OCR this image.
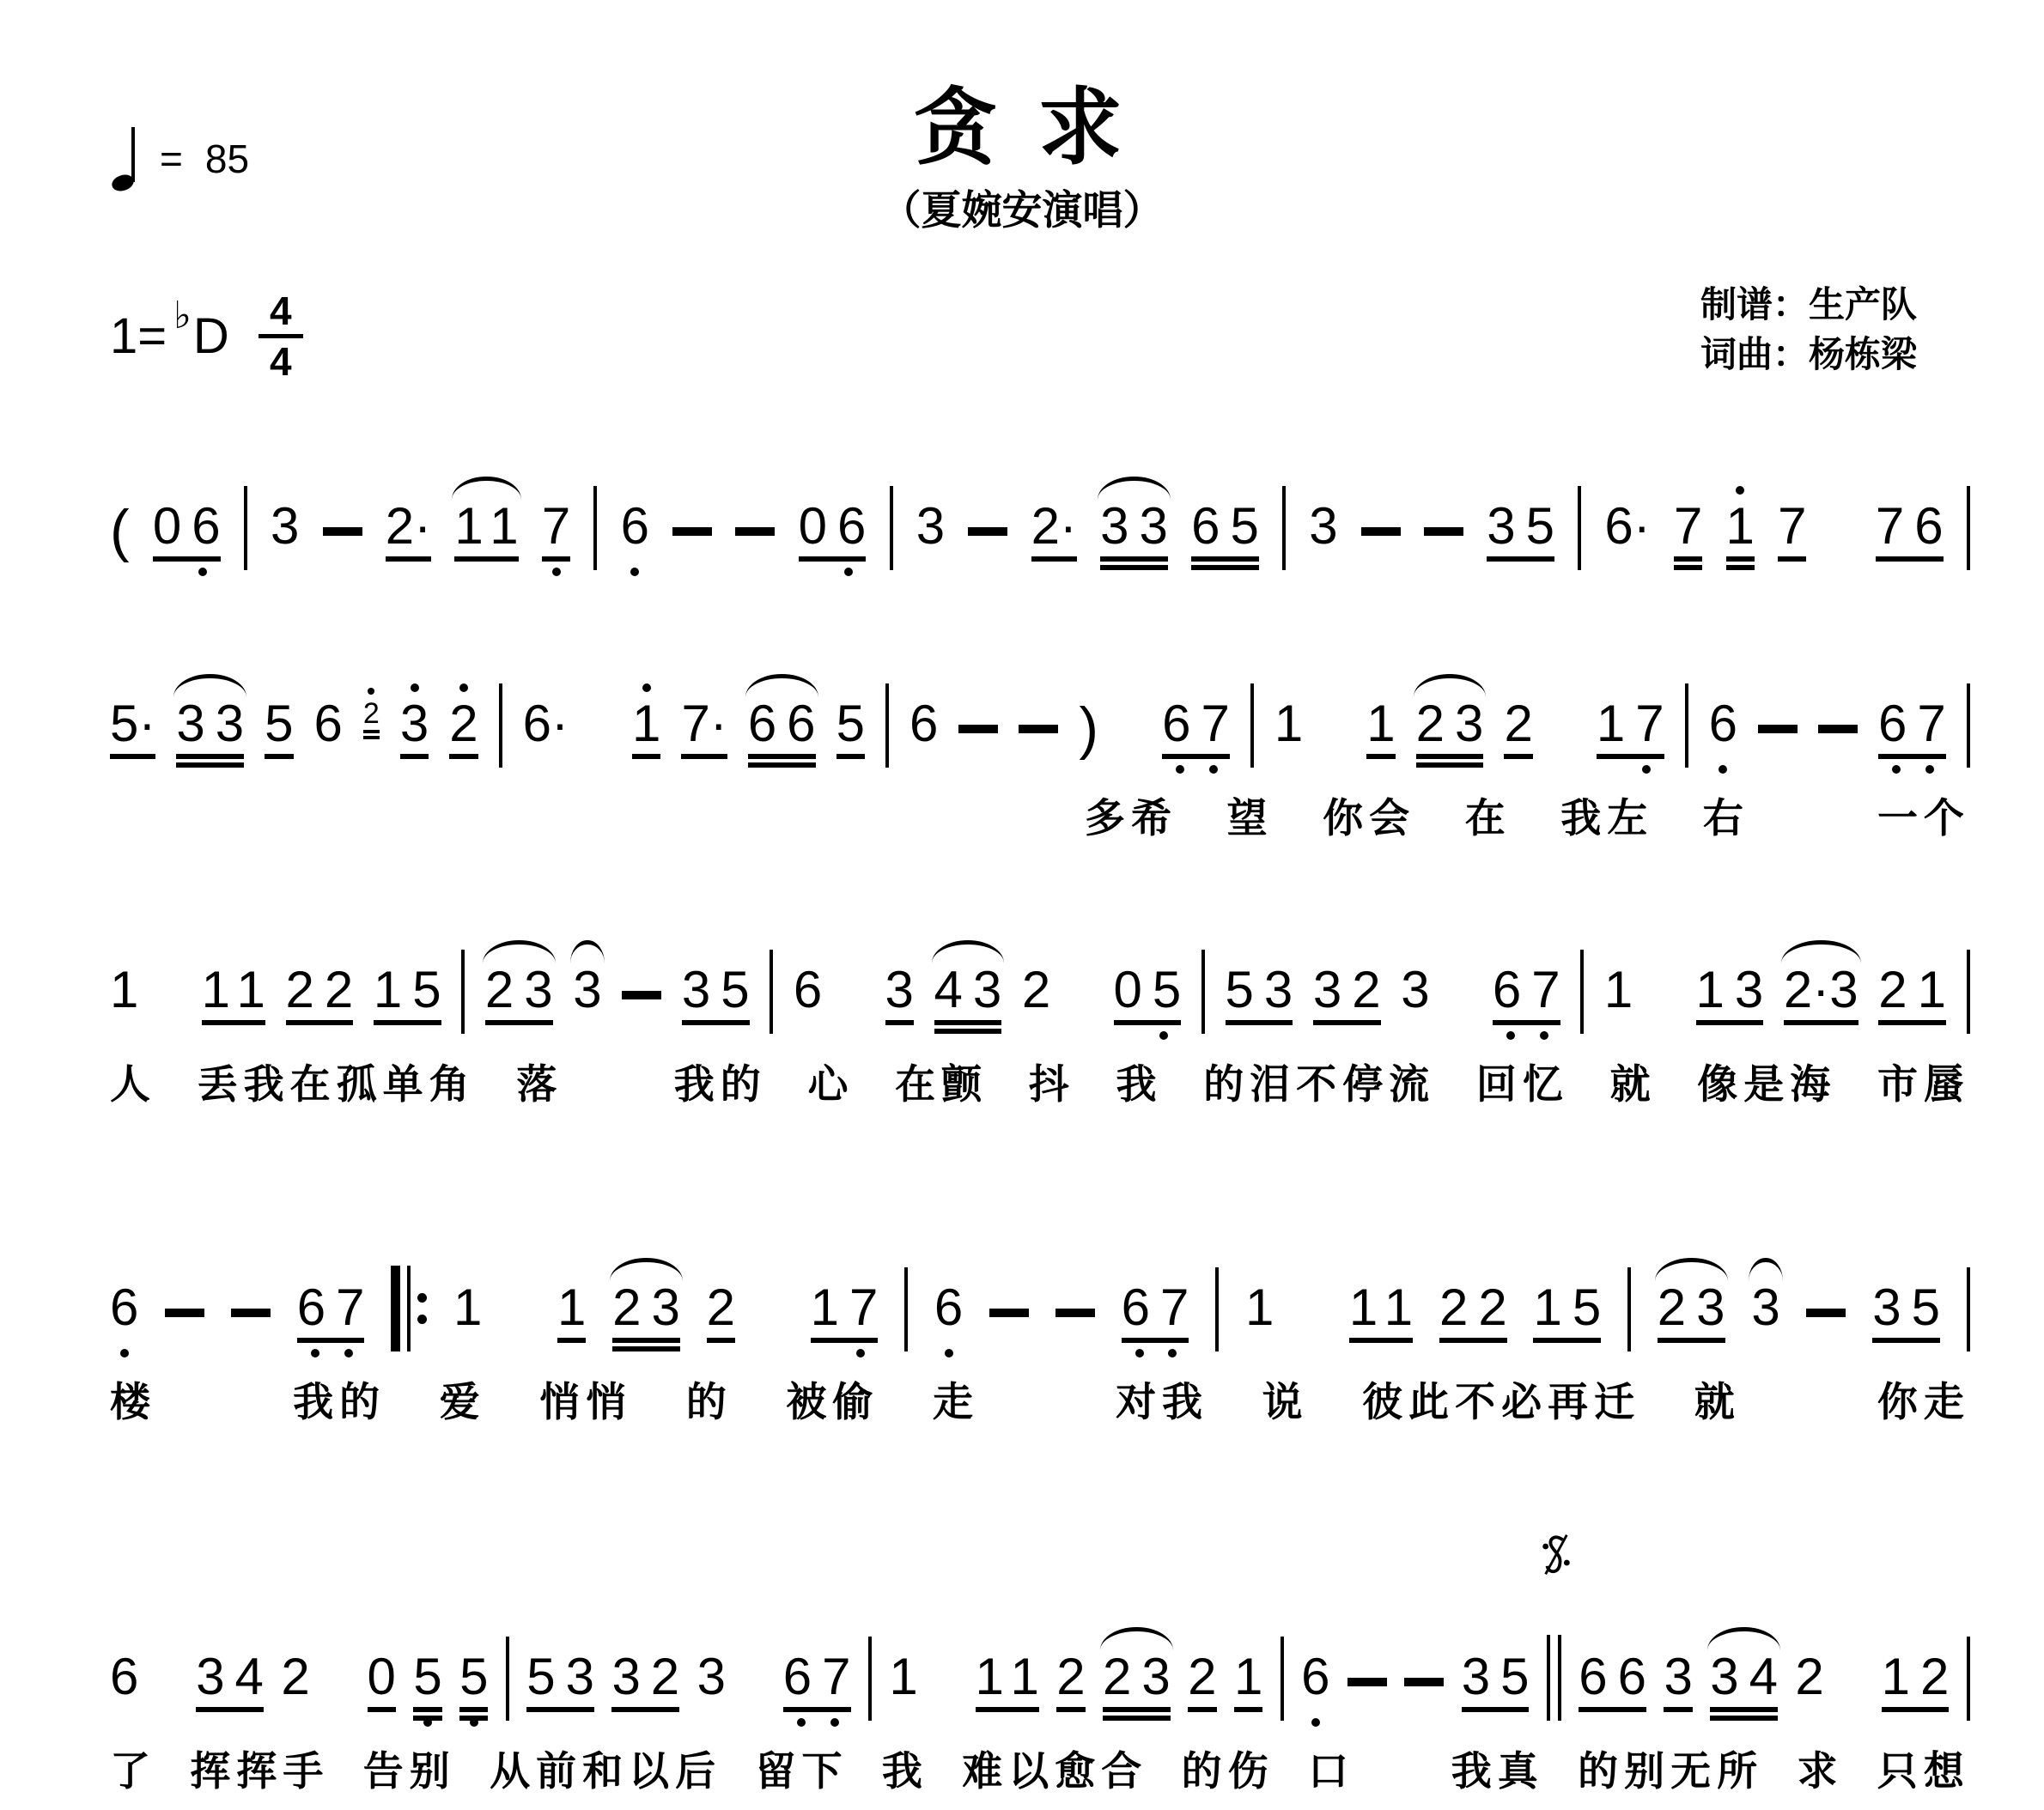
= 85	贪 求
（夏婉安演唱）
1= ♭ D 4
4
制谱：生产队
词曲：杨栋梁
( 06 3 2· 11 7 6	06 3 2· 33 65 3	35 6· 7 1 7 76
5· 33 5 6 2 3 2 6· 1 7· 66 5 6 ) 67 1 1 23 2 17 6	67
多希 望 你会 在 我左 右	一个
1 11 22 15 23 3 35 6 3 43 2 05 53 32 3 67 1 13 2·3 21
人 丢我在孤单角 落	我的 心 在颤 抖 我 的泪不停流 回忆 就 像是海 市蜃
6	67 1 1 23 2 17 6	67 1 11 22 15 23 3 35
楼	我的 爱 悄悄 的 被偷 走	对我 说 彼此不必再迁 就	你走
6 34 2 0 5 5 53 32 3 67 1 11 2 23 2 1 6	35 66 3 34 2 12
了 挥挥手 告别 从前和以后 留下 我 难以愈合 的伤 口 我真 的别无所 求 只想
